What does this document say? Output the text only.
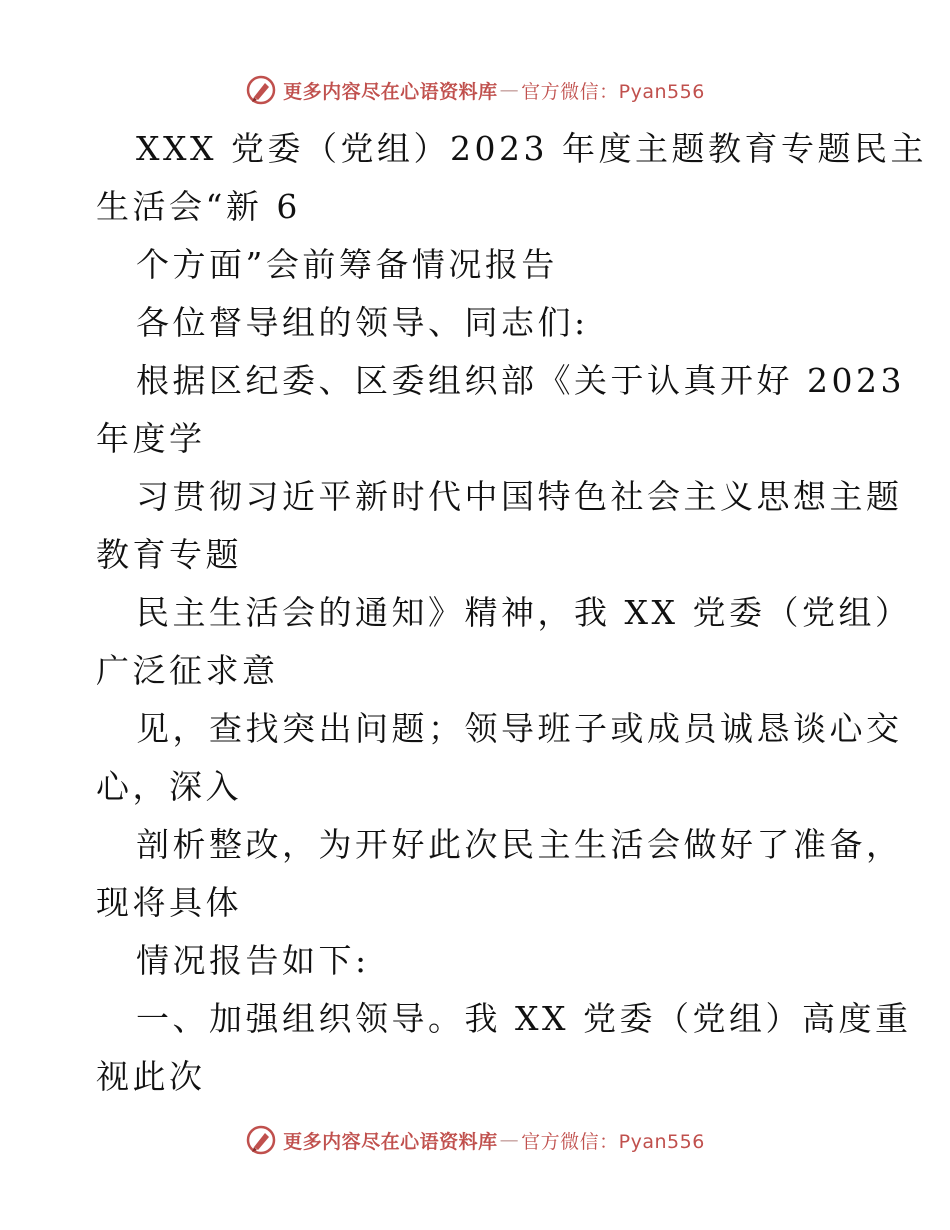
更多内容尽在心语资料库 — 官方微信：Pyan556
XXX 党委（党组）2023 年度主题教育专题民主
生活会“新 6
个方面”会前筹备情况报告
各位督导组的领导、同志们:
根据区纪委、区委组织部《关于认真开好 2023
年度学
习贯彻习近平新时代中国特色社会主义思想主题
教育专题
民主生活会的通知》精神，我 XX 党委（党组）
广泛征求意
见，查找突出问题；领导班子或成员诚恳谈心交
心，深入
剖析整改，为开好此次民主生活会做好了准备，
现将具体
情况报告如下:
一、加强组织领导。我 XX 党委（党组）高度重
视此次
更多内容尽在心语资料库 — 官方微信：Pyan556
